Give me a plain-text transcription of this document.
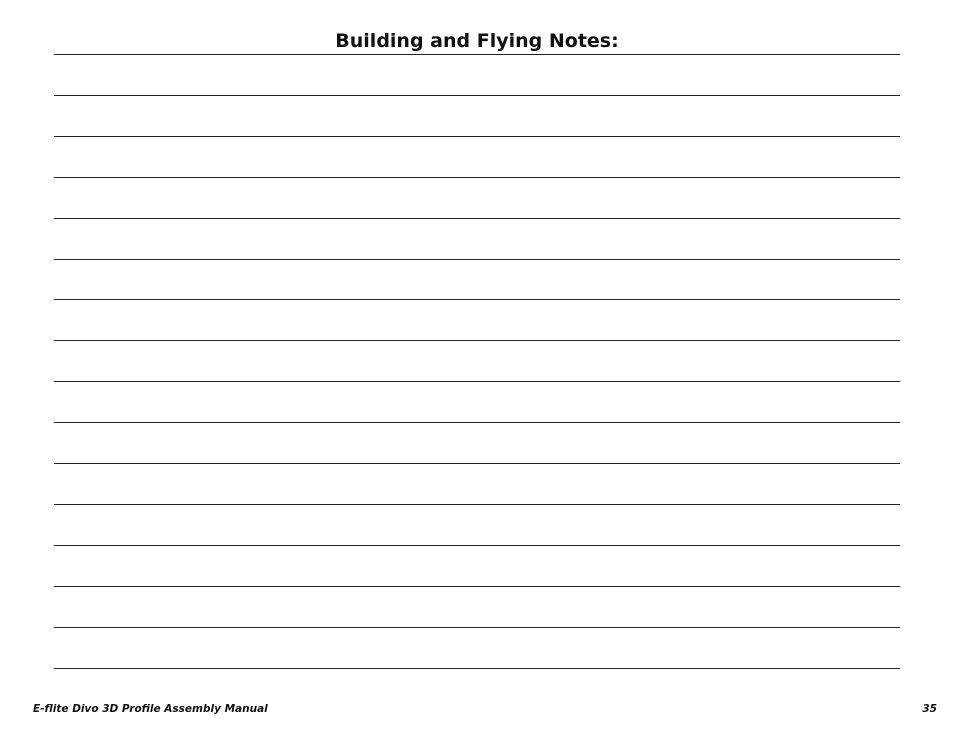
Building and Flying Notes:
E-flite Divo 3D Profile Assembly Manual	35
